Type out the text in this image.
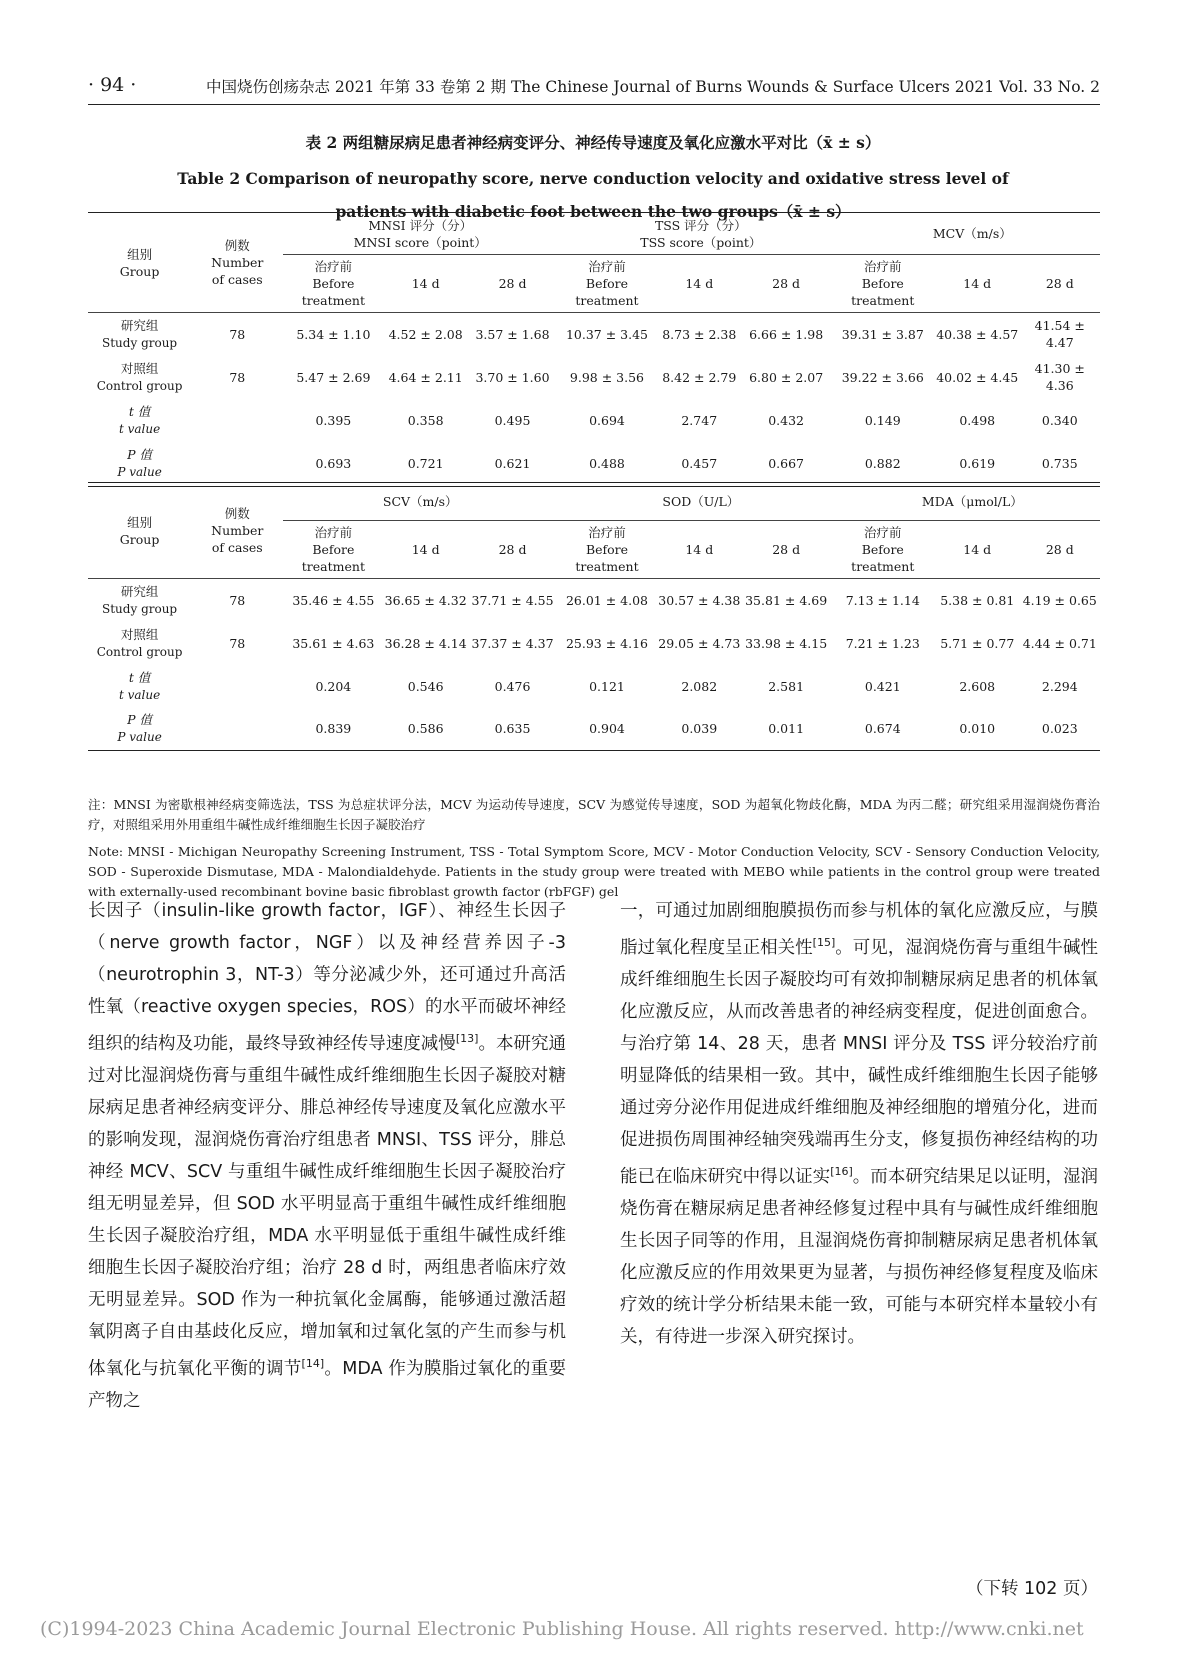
· 94 ·	中国烧伤创疡杂志 2021 年第 33 卷第 2 期 The Chinese Journal of Burns Wounds & Surface Ulcers 2021 Vol. 33 No. 2
表 2 两组糖尿病足患者神经病变评分、神经传导速度及氧化应激水平对比（x̄ ± s）
Table 2 Comparison of neuropathy score, nerve conduction velocity and oxidative stress level of patients with diabetic foot between the two groups（x̄ ± s）
组别
Group	例数
Number
of cases	MNSI 评分（分）
MNSI score（point）			TSS 评分（分）
TSS score（point）			MCV（m/s）		
		治疗前
Before
treatment	14 d	28 d	治疗前
Before
treatment	14 d	28 d	治疗前
Before
treatment	14 d	28 d
研究组
Study group	78	5.34 ± 1.10	4.52 ± 2.08	3.57 ± 1.68	10.37 ± 3.45	8.73 ± 2.38	6.66 ± 1.98	39.31 ± 3.87	40.38 ± 4.57	41.54 ± 4.47
对照组
Control group	78	5.47 ± 2.69	4.64 ± 2.11	3.70 ± 1.60	9.98 ± 3.56	8.42 ± 2.79	6.80 ± 2.07	39.22 ± 3.66	40.02 ± 4.45	41.30 ± 4.36
t 值
t value		0.395	0.358	0.495	0.694	2.747	0.432	0.149	0.498	0.340
P 值
P value		0.693	0.721	0.621	0.488	0.457	0.667	0.882	0.619	0.735
组别
Group	例数
Number
of cases	SCV（m/s）			SOD（U/L）			MDA（μmol/L）		
		治疗前
Before
treatment	14 d	28 d	治疗前
Before
treatment	14 d	28 d	治疗前
Before
treatment	14 d	28 d
研究组
Study group	78	35.46 ± 4.55	36.65 ± 4.32	37.71 ± 4.55	26.01 ± 4.08	30.57 ± 4.38	35.81 ± 4.69	7.13 ± 1.14	5.38 ± 0.81	4.19 ± 0.65
对照组
Control group	78	35.61 ± 4.63	36.28 ± 4.14	37.37 ± 4.37	25.93 ± 4.16	29.05 ± 4.73	33.98 ± 4.15	7.21 ± 1.23	5.71 ± 0.77	4.44 ± 0.71
t 值
t value		0.204	0.546	0.476	0.121	2.082	2.581	0.421	2.608	2.294
P 值
P value		0.839	0.586	0.635	0.904	0.039	0.011	0.674	0.010	0.023
注：MNSI 为密歇根神经病变筛选法，TSS 为总症状评分法，MCV 为运动传导速度，SCV 为感觉传导速度，SOD 为超氧化物歧化酶，MDA 为丙二醛；研究组采用湿润烧伤膏治疗，对照组采用外用重组牛碱性成纤维细胞生长因子凝胶治疗
Note: MNSI - Michigan Neuropathy Screening Instrument, TSS - Total Symptom Score, MCV - Motor Conduction Velocity, SCV - Sensory Conduction Velocity, SOD - Superoxide Dismutase, MDA - Malondialdehyde. Patients in the study group were treated with MEBO while patients in the control group were treated with externally-used recombinant bovine basic fibroblast growth factor (rbFGF) gel
长因子（insulin-like growth factor，IGF）、神经生长因子（nerve growth factor，NGF）以及神经营养因子-3（neurotrophin 3，NT-3）等分泌减少外，还可通过升高活性氧（reactive oxygen species，ROS）的水平而破坏神经组织的结构及功能，最终导致神经传导速度减慢[13]。本研究通过对比湿润烧伤膏与重组牛碱性成纤维细胞生长因子凝胶对糖尿病足患者神经病变评分、腓总神经传导速度及氧化应激水平的影响发现，湿润烧伤膏治疗组患者 MNSI、TSS 评分，腓总神经 MCV、SCV 与重组牛碱性成纤维细胞生长因子凝胶治疗组无明显差异，但 SOD 水平明显高于重组牛碱性成纤维细胞生长因子凝胶治疗组，MDA 水平明显低于重组牛碱性成纤维细胞生长因子凝胶治疗组；治疗 28 d 时，两组患者临床疗效无明显差异。SOD 作为一种抗氧化金属酶，能够通过激活超氧阴离子自由基歧化反应，增加氧和过氧化氢的产生而参与机体氧化与抗氧化平衡的调节[14]。MDA 作为膜脂过氧化的重要产物之
一，可通过加剧细胞膜损伤而参与机体的氧化应激反应，与膜脂过氧化程度呈正相关性[15]。可见，湿润烧伤膏与重组牛碱性成纤维细胞生长因子凝胶均可有效抑制糖尿病足患者的机体氧化应激反应，从而改善患者的神经病变程度，促进创面愈合。与治疗第 14、28 天，患者 MNSI 评分及 TSS 评分较治疗前明显降低的结果相一致。其中，碱性成纤维细胞生长因子能够通过旁分泌作用促进成纤维细胞及神经细胞的增殖分化，进而促进损伤周围神经轴突残端再生分支，修复损伤神经结构的功能已在临床研究中得以证实[16]。而本研究结果足以证明，湿润烧伤膏在糖尿病足患者神经修复过程中具有与碱性成纤维细胞生长因子同等的作用，且湿润烧伤膏抑制糖尿病足患者机体氧化应激反应的作用效果更为显著，与损伤神经修复程度及临床疗效的统计学分析结果未能一致，可能与本研究样本量较小有关，有待进一步深入研究探讨。
（下转 102 页）
(C)1994-2023 China Academic Journal Electronic Publishing House. All rights reserved. http://www.cnki.net
